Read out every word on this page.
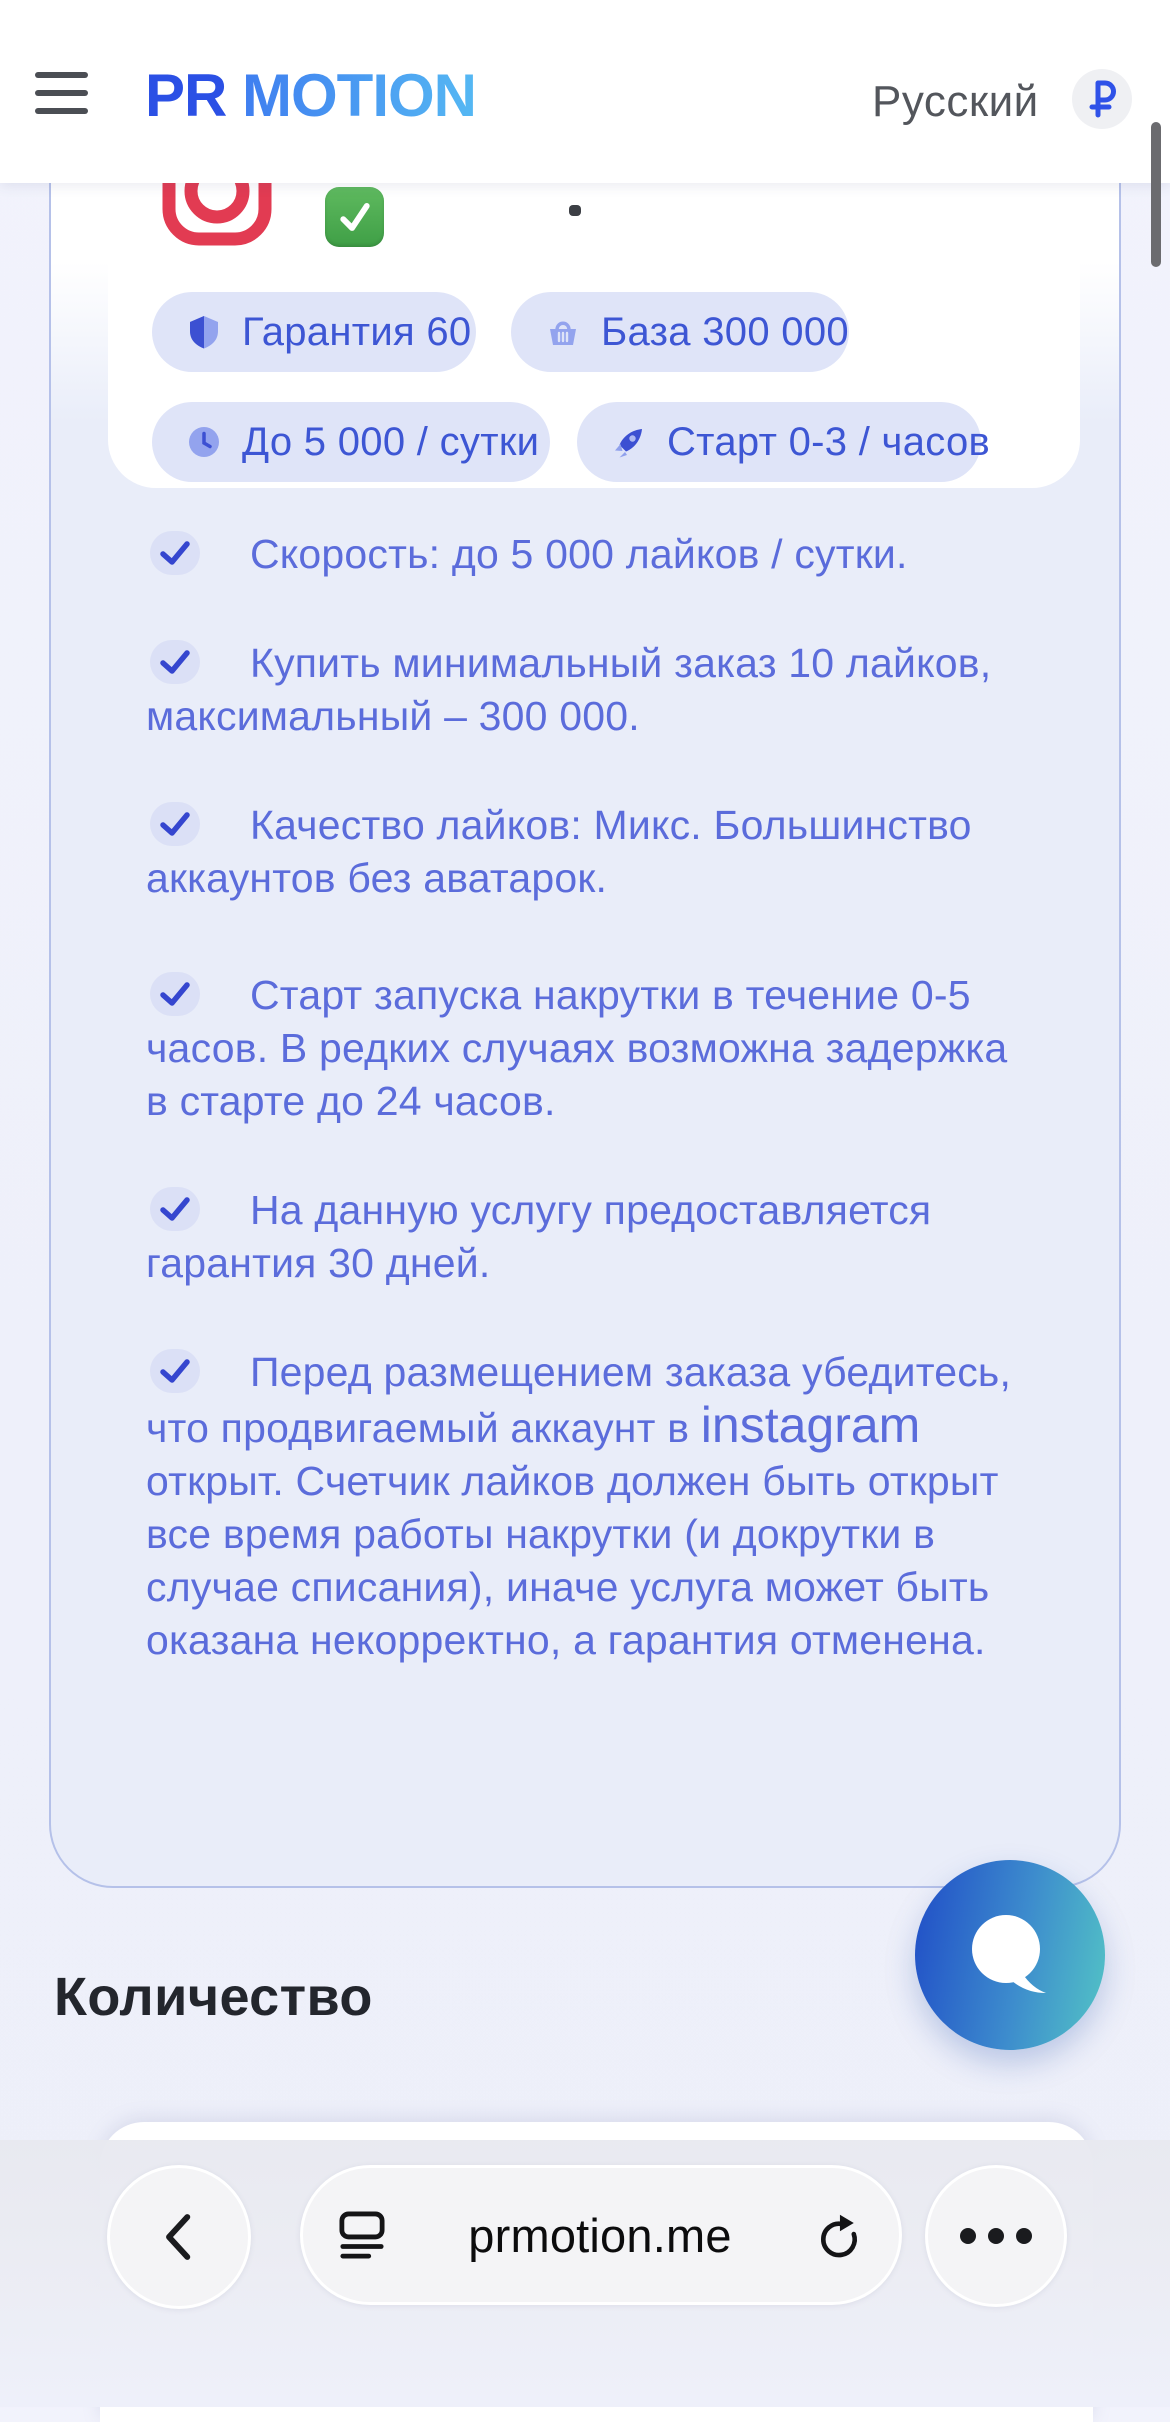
Гарантия 60	База 300 000
До 5 000 / сутки	Старт 0-3 / часов
Скорость: до 5 000 лайков / сутки.
Купить минимальный заказ 10 лайков, максимальный – 300 000.
Качество лайков: Микс. Большинство аккаунтов без аватарок.
Старт запуска накрутки в течение 0-5 часов. В редких случаях возможна задержка в старте до 24 часов.
На данную услугу предоставляется гарантия 30 дней.
Перед размещением заказа убедитесь, что продвигаемый аккаунт в instagram открыт. Счетчик лайков должен быть открыт все время работы накрутки (и докрутки в случае списания), иначе услуга может быть оказана некорректно, а гарантия отменена.
Количество
PR MOTION	Русский
prmotion.me
